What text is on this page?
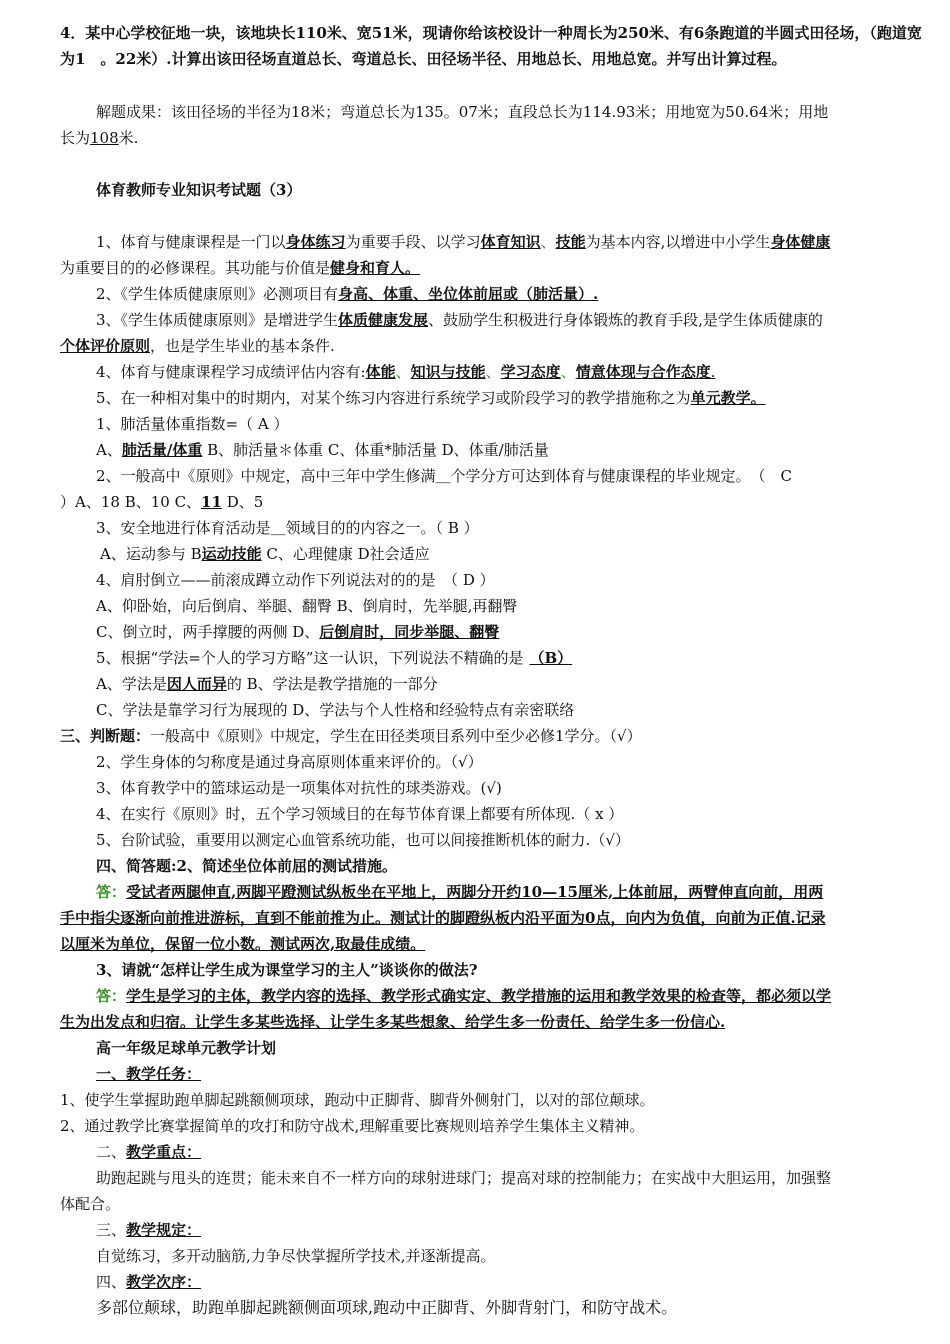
4．某中心学校征地一块，该地块长110米、宽51米，现请你给该校设计一种周长为250米、有6条跑道的半圆式田径场，（跑道宽为1　。22米）.计算出该田径场直道总长、弯道总长、田径场半径、用地总长、用地总宽。并写出计算过程。
解题成果：该田径场的半径为18米；弯道总长为135。07米；直段总长为114.93米；用地宽为50.64米；用地
长为108米.
体育教师专业知识考试题（3）
1、体育与健康课程是一门以身体练习为重要手段、以学习体育知识、技能为基本内容,以增进中小学生身体健康
为重要目的的必修课程。其功能与价值是健身和育人。
2、《学生体质健康原则》必测项目有身高、体重、坐位体前屈或（肺活量）.
3、《学生体质健康原则》是增进学生体质健康发展、鼓励学生积极进行身体锻炼的教育手段,是学生体质健康的
个体评价原则，也是学生毕业的基本条件.
4、体育与健康课程学习成绩评估内容有:体能、知识与技能、学习态度、情意体现与合作态度.
5、在一种相对集中的时期内，对某个练习内容进行系统学习或阶段学习的教学措施称之为单元教学。
1、肺活量体重指数=（ A ）
A、肺活量/体重 B、肺活量＊体重 C、体重*肺活量 D、体重/肺活量
2、一般高中《原则》中规定，高中三年中学生修满＿个学分方可达到体育与健康课程的毕业规定。　（　C
）A、18 B、10 C、11 D、5
3、安全地进行体育活动是＿领域目的的内容之一。（ B ）
A、运动参与 B运动技能 C、心理健康 D社会适应
4、肩肘倒立——前滚成蹲立动作下列说法对的的是　（ D ）
A、仰卧始，向后倒肩、举腿、翻臀 B、倒肩时，先举腿,再翻臀
C、倒立时，两手撑腰的两侧 D、后倒肩时，同步举腿、翻臀
5、根据“学法=个人的学习方略”这一认识，下列说法不精确的是 （B）
A、学法是因人而异的 B、学法是教学措施的一部分
C、学法是靠学习行为展现的 D、学法与个人性格和经验特点有亲密联络
三、判断题：一般高中《原则》中规定，学生在田径类项目系列中至少必修1学分。（√）
2、学生身体的匀称度是通过身高原则体重来评价的。（√）
3、体育教学中的篮球运动是一项集体对抗性的球类游戏。(√)
4、在实行《原则》时，五个学习领域目的在每节体育课上都要有所体现.（ x ）
5、台阶试验，重要用以测定心血管系统功能，也可以间接推断机体的耐力.（√）
四、简答题:2、简述坐位体前屈的测试措施。
答：受试者两腿伸直,两脚平蹬测试纵板坐在平地上，两脚分开约10—15厘米,上体前屈，两臂伸直向前，用两
手中指尖逐渐向前推进游标，直到不能前推为止。测试计的脚蹬纵板内沿平面为0点，向内为负值，向前为正值.记录
以厘米为单位，保留一位小数。测试两次,取最佳成绩。
3、请就“怎样让学生成为课堂学习的主人”谈谈你的做法?
答：学生是学习的主体，教学内容的选择、教学形式确实定、教学措施的运用和教学效果的检查等，都必须以学
生为出发点和归宿。让学生多某些选择、让学生多某些想象、给学生多一份责任、给学生多一份信心.
高一年级足球单元教学计划
一、教学任务：
1、使学生掌握助跑单脚起跳额侧项球，跑动中正脚背、脚背外侧射门，以对的部位颠球。
2、通过教学比赛掌握简单的攻打和防守战术,理解重要比赛规则培养学生集体主义精神。
二、教学重点：
助跑起跳与甩头的连贯；能未来自不一样方向的球射进球门；提高对球的控制能力；在实战中大胆运用，加强整
体配合。
三、教学规定：
自觉练习，多开动脑筋,力争尽快掌握所学技术,并逐渐提高。
四、教学次序：
多部位颠球，助跑单脚起跳额侧面项球,跑动中正脚背、外脚背射门，和防守战术。
